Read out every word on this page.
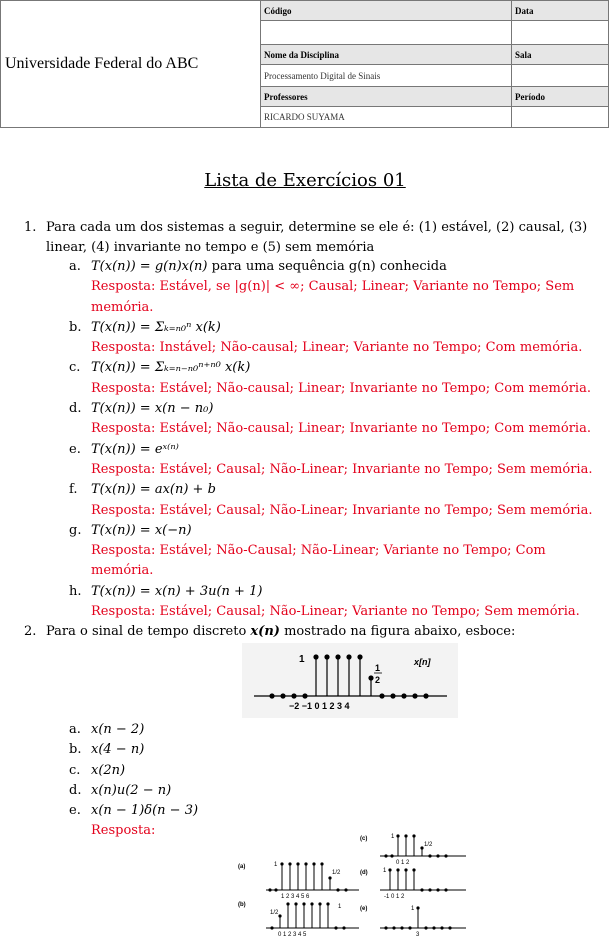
Universidade Federal do ABC	Código	Data

	Nome da Disciplina	Sala
	Processamento Digital de Sinais	
	Professores	Período
	RICARDO SUYAMA	
Lista de Exercícios 01
1. Para cada um dos sistemas a seguir, determine se ele é: (1) estável, (2) causal, (3) linear, (4) invariante no tempo e (5) sem memória
a. T(x(n)) = g(n)x(n) para uma sequência g(n) conhecida
Resposta: Estável, se |g(n)| < ∞; Causal; Linear; Variante no Tempo; Sem
memória.
b. T(x(n)) = Σₖ₌ₙ₀ⁿ x(k)
Resposta: Instável; Não-causal; Linear; Variante no Tempo; Com memória.
c. T(x(n)) = Σₖ₌ₙ₋ₙ₀ⁿ⁺ⁿ⁰ x(k)
Resposta: Estável; Não-causal; Linear; Invariante no Tempo; Com memória.
d. T(x(n)) = x(n − n₀)
Resposta: Estável; Não-causal; Linear; Invariante no Tempo; Com memória.
e. T(x(n)) = eˣ⁽ⁿ⁾
Resposta: Estável; Causal; Não-Linear; Invariante no Tempo; Sem memória.
f. T(x(n)) = ax(n) + b
Resposta: Estável; Causal; Não-Linear; Invariante no Tempo; Sem memória.
g. T(x(n)) = x(−n)
Resposta: Estável; Não-Causal; Não-Linear; Variante no Tempo; Com memória.
h. T(x(n)) = x(n) + 3u(n + 1)
Resposta: Estável; Causal; Não-Linear; Variante no Tempo; Sem memória.
2. Para o sinal de tempo discreto x(n) mostrado na figura abaixo, esboce:
1
1
2
x[n]
−2 −1 0 1 2 3 4
a. x(n − 2)
b. x(4 − n)
c. x(2n)
d. x(n)u(2 − n)
e. x(n − 1)δ(n − 3)
Resposta:
(a)	1
1/2
1 2 3 4 5 6
(b)
1/2
1
0 1 2 3 4 5
(c)	1
1/2
0 1 2
(d)	1
-1 0 1 2
(e)	1
3
